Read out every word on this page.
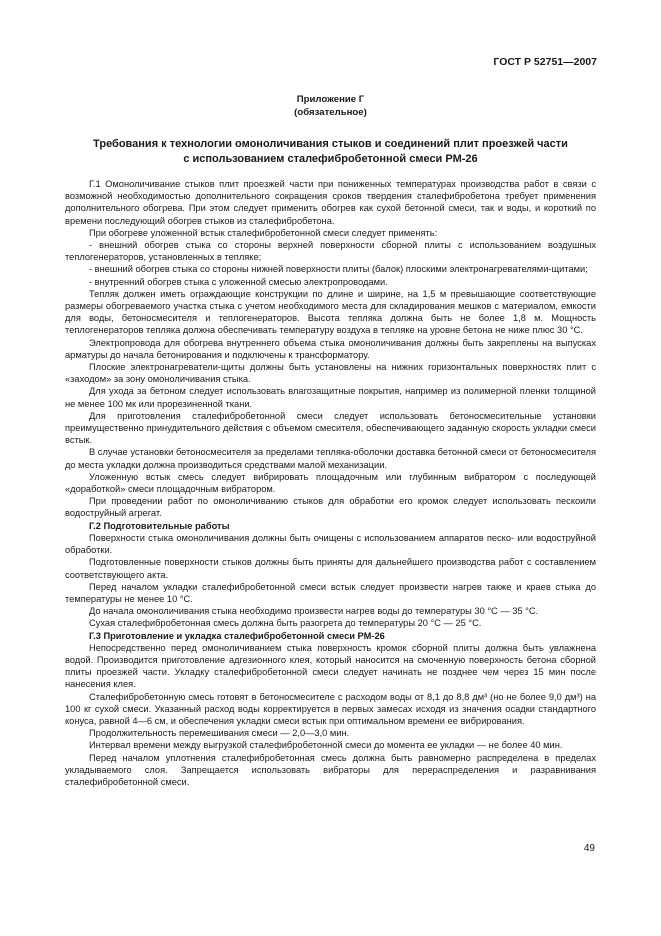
ГОСТ Р 52751—2007
Приложение Г
(обязательное)
Требования к технологии омоноличивания стыков и соединений плит проезжей части
с использованием сталефибробетонной смеси РМ-26

Г.1 Омоноличивание стыков плит проезжей части при пониженных температурах производства работ в связи с возможной необходимостью дополнительного сокращения сроков твердения сталефибробетона требует применения дополнительного обогрева. При этом следует применить обогрев как сухой бетонной смеси, так и воды, и короткий по времени последующий обогрев стыков из сталефибробетона.

При обогреве уложенной встык сталефибробетонной смеси следует применять:

- внешний обогрев стыка со стороны верхней поверхности сборной плиты с использованием воздушных теплогенераторов, установленных в тепляке;

- внешний обогрев стыка со стороны нижней поверхности плиты (балок) плоскими электронагревателями-щитами;

- внутренний обогрев стыка с уложенной смесью электропроводами.

Тепляк должен иметь ограждающие конструкции по длине и ширине, на 1,5 м превышающие соответствующие размеры обогреваемого участка стыка с учетом необходимого места для складирования мешков с материалом, емкости для воды, бетоносмесителя и теплогенераторов. Высота тепляка должна быть не более 1,8 м. Мощность теплогенераторов тепляка должна обеспечивать температуру воздуха в тепляке на уровне бетона не ниже плюс 30 °С.

Электропровода для обогрева внутреннего объема стыка омоноличивания должны быть закреплены на выпусках арматуры до начала бетонирования и подключены к трансформатору.

Плоские электронагреватели-щиты должны быть установлены на нижних горизонтальных поверхностях плит с «заходом» за зону омоноличивания стыка.

Для ухода за бетоном следует использовать влагозащитные покрытия, например из полимерной пленки толщиной не менее 100 мк или прорезиненной ткани.

Для приготовления сталефибробетонной смеси следует использовать бетоносмесительные установки преимущественно принудительного действия с объемом смесителя, обеспечивающего заданную скорость укладки смеси встык.

В случае установки бетоносмесителя за пределами тепляка-оболочки доставка бетонной смеси от бетоносмесителя до места укладки должна производиться средствами малой механизации.

Уложенную встык смесь следует вибрировать площадочным или глубинным вибратором с последующей «доработкой» смеси площадочным вибратором.

При проведении работ по омоноличиванию стыков для обработки его кромок следует использовать пескоили водоструйный агрегат.

Г.2 Подготовительные работы

Поверхности стыка омоноличивания должны быть очищены с использованием аппаратов песко- или водоструйной обработки.

Подготовленные поверхности стыков должны быть приняты для дальнейшего производства работ с составлением соответствующего акта.

Перед началом укладки сталефибробетонной смеси встык следует произвести нагрев также и краев стыка до температуры не менее 10 °С.

До начала омоноличивания стыка необходимо произвести нагрев воды до температуры 30 °С — 35 °С.

Сухая сталефибробетонная смесь должна быть разогрета до температуры 20 °С — 25 °С.

Г.3 Приготовление и укладка сталефибробетонной смеси РМ-26

Непосредственно перед омоноличиванием стыка поверхность кромок сборной плиты должна быть увлажнена водой. Производится приготовление адгезионного клея, который наносится на смоченную поверхность бетона сборной плиты проезжей части. Укладку сталефибробетонной смеси следует начинать не позднее чем через 15 мин после нанесения клея.

Сталефибробетонную смесь готовят в бетоносмесителе с расходом воды от 8,1 до 8,8 дм³ (но не более 9,0 дм³) на 100 кг сухой смеси. Указанный расход воды корректируется в первых замесах исходя из значения осадки стандартного конуса, равной 4—6 см, и обеспечения укладки смеси встык при оптимальном времени ее вибрирования.

Продолжительность перемешивания смеси — 2,0—3,0 мин.

Интервал времени между выгрузкой сталефибробетонной смеси до момента ее укладки — не более 40 мин.

Перед началом уплотнения сталефибробетонная смесь должна быть равномерно распределена в пределах укладываемого слоя. Запрещается использовать вибраторы для перераспределения и разравнивания сталефибробетонной смеси.

49
